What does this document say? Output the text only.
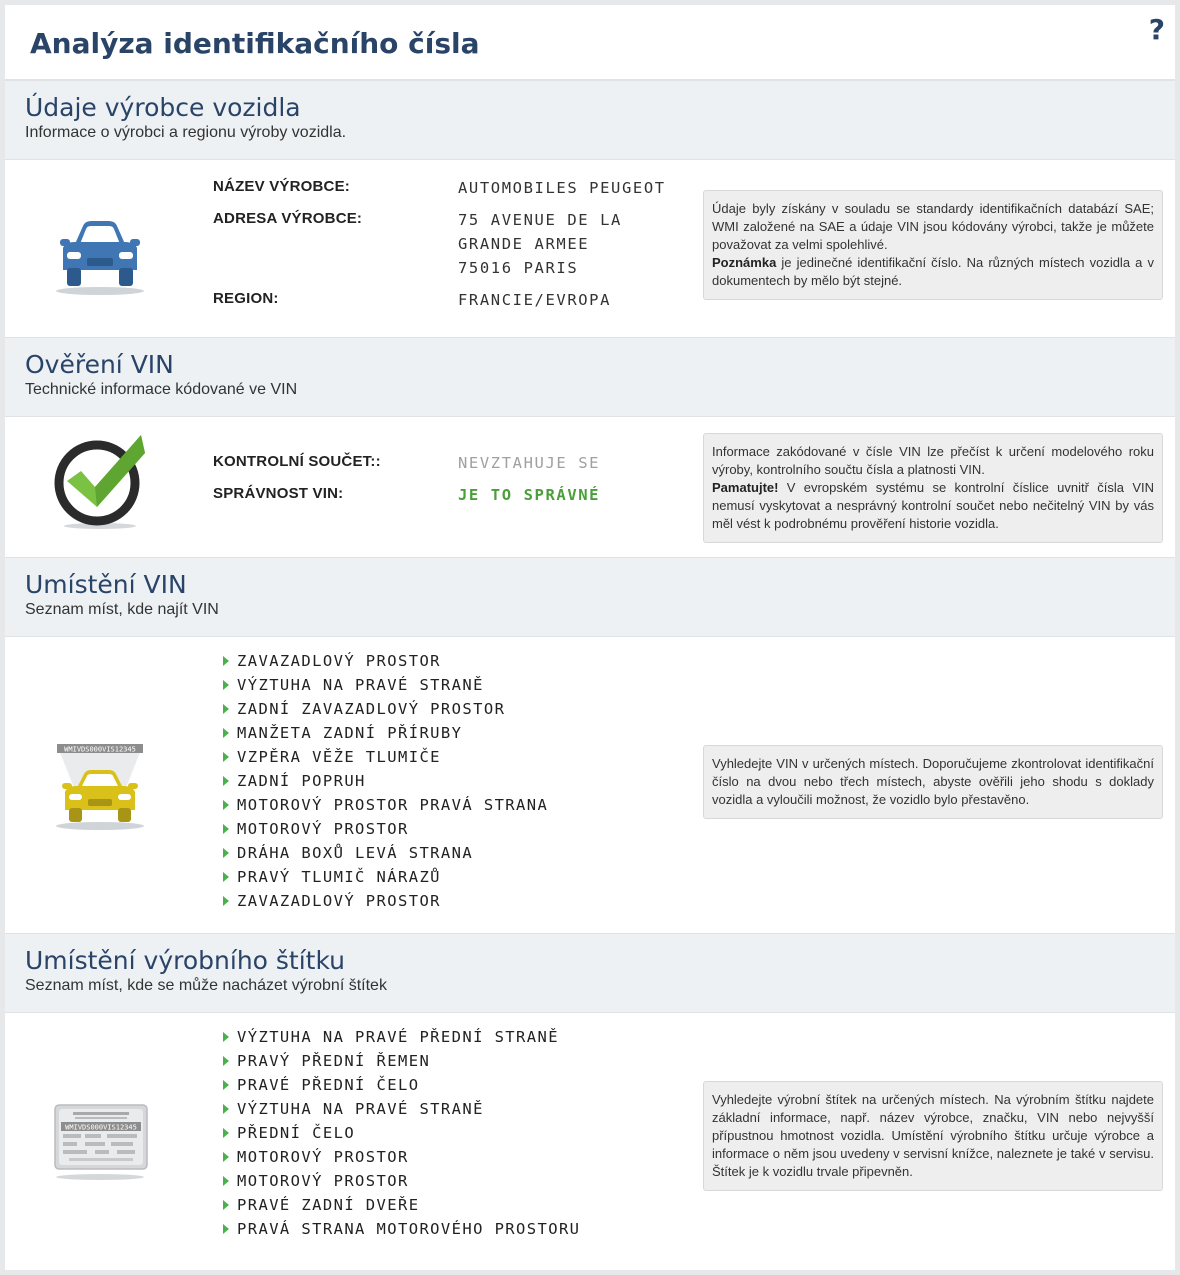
Analýza identifikačního čísla	?
Údaje výrobce vozidla
Informace o výrobci a regionu výroby vozidla.
NÁZEV VÝROBCE:	AUTOMOBILES PEUGEOT
ADRESA VÝROBCE:	75 AVENUE DE LA
GRANDE ARMEE
75016 PARIS
REGION:	FRANCIE/EVROPA
Údaje byly získány v souladu se standardy identifikačních databází SAE; WMI založené na SAE a údaje VIN jsou kódovány výrobci, takže je můžete považovat za velmi spolehlivé.
Poznámka je jedinečné identifikační číslo. Na různých místech vozidla a v dokumentech by mělo být stejné.
Ověření VIN
Technické informace kódované ve VIN
KONTROLNÍ SOUČET::	NEVZTAHUJE SE
SPRÁVNOST VIN:	JE TO SPRÁVNÉ
Informace zakódované v čísle VIN lze přečíst k určení modelového roku výroby, kontrolního součtu čísla a platnosti VIN.
Pamatujte! V evropském systému se kontrolní číslice uvnitř čísla VIN nemusí vyskytovat a nesprávný kontrolní součet nebo nečitelný VIN by vás měl vést k podrobnému prověření historie vozidla.
Umístění VIN
Seznam míst, kde najít VIN
WMIVDS000VIS12345
ZAVAZADLOVÝ PROSTOR
VÝZTUHA NA PRAVÉ STRANĚ
ZADNÍ ZAVAZADLOVÝ PROSTOR
MANŽETA ZADNÍ PŘÍRUBY
VZPĚRA VĚŽE TLUMIČE
ZADNÍ POPRUH
MOTOROVÝ PROSTOR PRAVÁ STRANA
MOTOROVÝ PROSTOR
DRÁHA BOXŮ LEVÁ STRANA
PRAVÝ TLUMIČ NÁRAZŮ
ZAVAZADLOVÝ PROSTOR
Vyhledejte VIN v určených místech. Doporučujeme zkontrolovat identifikační číslo na dvou nebo třech místech, abyste ověřili jeho shodu s doklady vozidla a vyloučili možnost, že vozidlo bylo přestavěno.
Umístění výrobního štítku
Seznam míst, kde se může nacházet výrobní štítek
WMIVDS000VIS12345
VÝZTUHA NA PRAVÉ PŘEDNÍ STRANĚ
PRAVÝ PŘEDNÍ ŘEMEN
PRAVÉ PŘEDNÍ ČELO
VÝZTUHA NA PRAVÉ STRANĚ
PŘEDNÍ ČELO
MOTOROVÝ PROSTOR
MOTOROVÝ PROSTOR
PRAVÉ ZADNÍ DVEŘE
PRAVÁ STRANA MOTOROVÉHO PROSTORU
Vyhledejte výrobní štítek na určených místech. Na výrobním štítku najdete základní informace, např. název výrobce, značku, VIN nebo nejvyšší přípustnou hmotnost vozidla. Umístění výrobního štítku určuje výrobce a informace o něm jsou uvedeny v servisní knížce, naleznete je také v servisu. Štítek je k vozidlu trvale připevněn.
